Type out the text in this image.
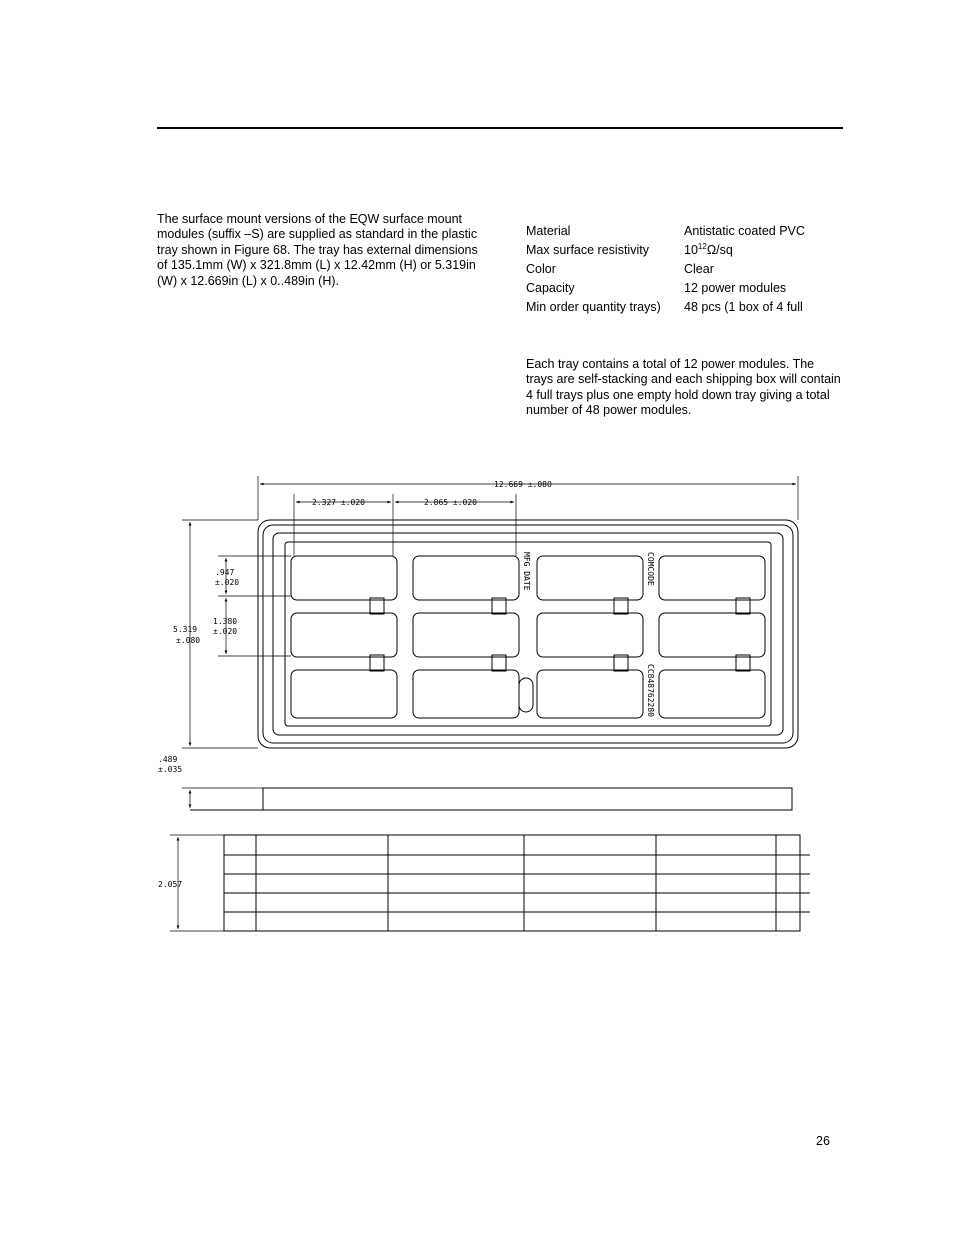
The surface mount versions of the EQW surface mount modules (suffix –S) are supplied as standard in the plastic tray shown in Figure 68. The tray has external dimensions of 135.1mm (W) x 321.8mm (L) x 12.42mm (H) or 5.319in (W) x 12.669in (L) x 0..489in (H).

Material	Antistatic coated PVC
Max surface resistivity	$10^{12}\Omega/sq$
Color	Clear
Capacity	12 power modules
Min order quantity trays)	48 pcs (1 box of 4 full

Each tray contains a total of 12 power modules. The trays are self-stacking and each shipping box will contain 4 full trays plus one empty hold down tray giving a total number of 48 power modules.

12.669 ±.080
2.327 ±.020	2.865 ±.020
.947
±.020
1.380
±.020
5.319
±.080
.489
±.035
2.057
MFG DATE	COMCODE
CC848762280
26
